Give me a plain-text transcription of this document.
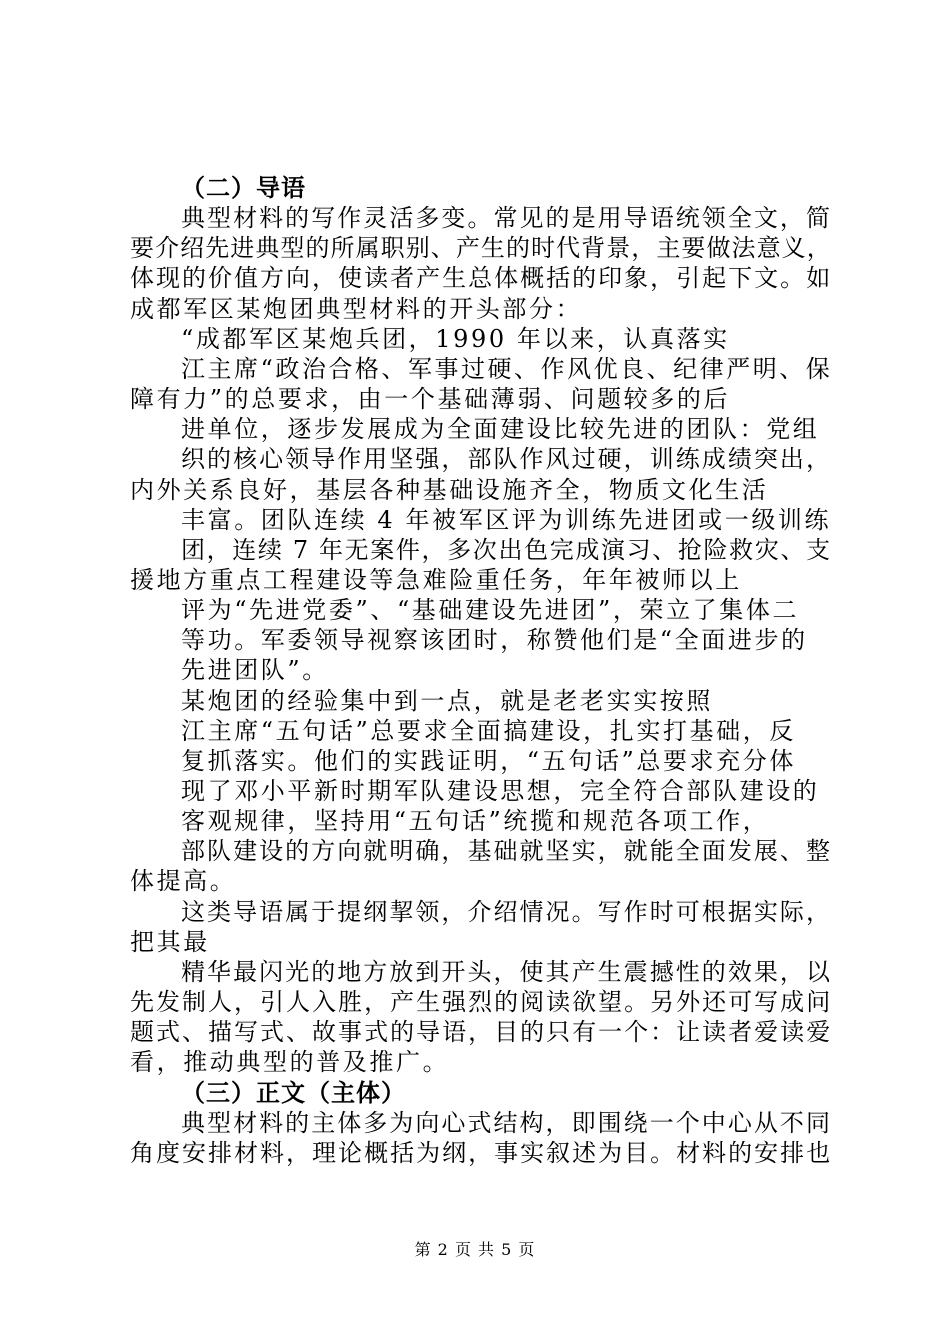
（二）导语
典型材料的写作灵活多变。常见的是用导语统领全文，简
要介绍先进典型的所属职别、产生的时代背景，主要做法意义，
体现的价值方向，使读者产生总体概括的印象，引起下文。如
成都军区某炮团典型材料的开头部分：
“成都军区某炮兵团，1990 年以来，认真落实
江主席“政治合格、军事过硬、作风优良、纪律严明、保
障有力”的总要求，由一个基础薄弱、问题较多的后
进单位，逐步发展成为全面建设比较先进的团队：党组
织的核心领导作用坚强，部队作风过硬，训练成绩突出，
内外关系良好，基层各种基础设施齐全，物质文化生活
丰富。团队连续 4 年被军区评为训练先进团或一级训练
团，连续 7 年无案件，多次出色完成演习、抢险救灾、支
援地方重点工程建设等急难险重任务，年年被师以上
评为“先进党委”、“基础建设先进团”，荣立了集体二
等功。军委领导视察该团时，称赞他们是“全面进步的
先进团队”。
某炮团的经验集中到一点，就是老老实实按照
江主席“五句话”总要求全面搞建设，扎实打基础，反
复抓落实。他们的实践证明，“五句话”总要求充分体
现了邓小平新时期军队建设思想，完全符合部队建设的
客观规律，坚持用“五句话”统揽和规范各项工作，
部队建设的方向就明确，基础就坚实，就能全面发展、整
体提高。
这类导语属于提纲挈领，介绍情况。写作时可根据实际，
把其最
精华最闪光的地方放到开头，使其产生震撼性的效果，以
先发制人，引人入胜，产生强烈的阅读欲望。另外还可写成问
题式、描写式、故事式的导语，目的只有一个：让读者爱读爱
看，推动典型的普及推广。
（三）正文（主体）
典型材料的主体多为向心式结构，即围绕一个中心从不同
角度安排材料，理论概括为纲，事实叙述为目。材料的安排也
第 2 页 共 5 页
